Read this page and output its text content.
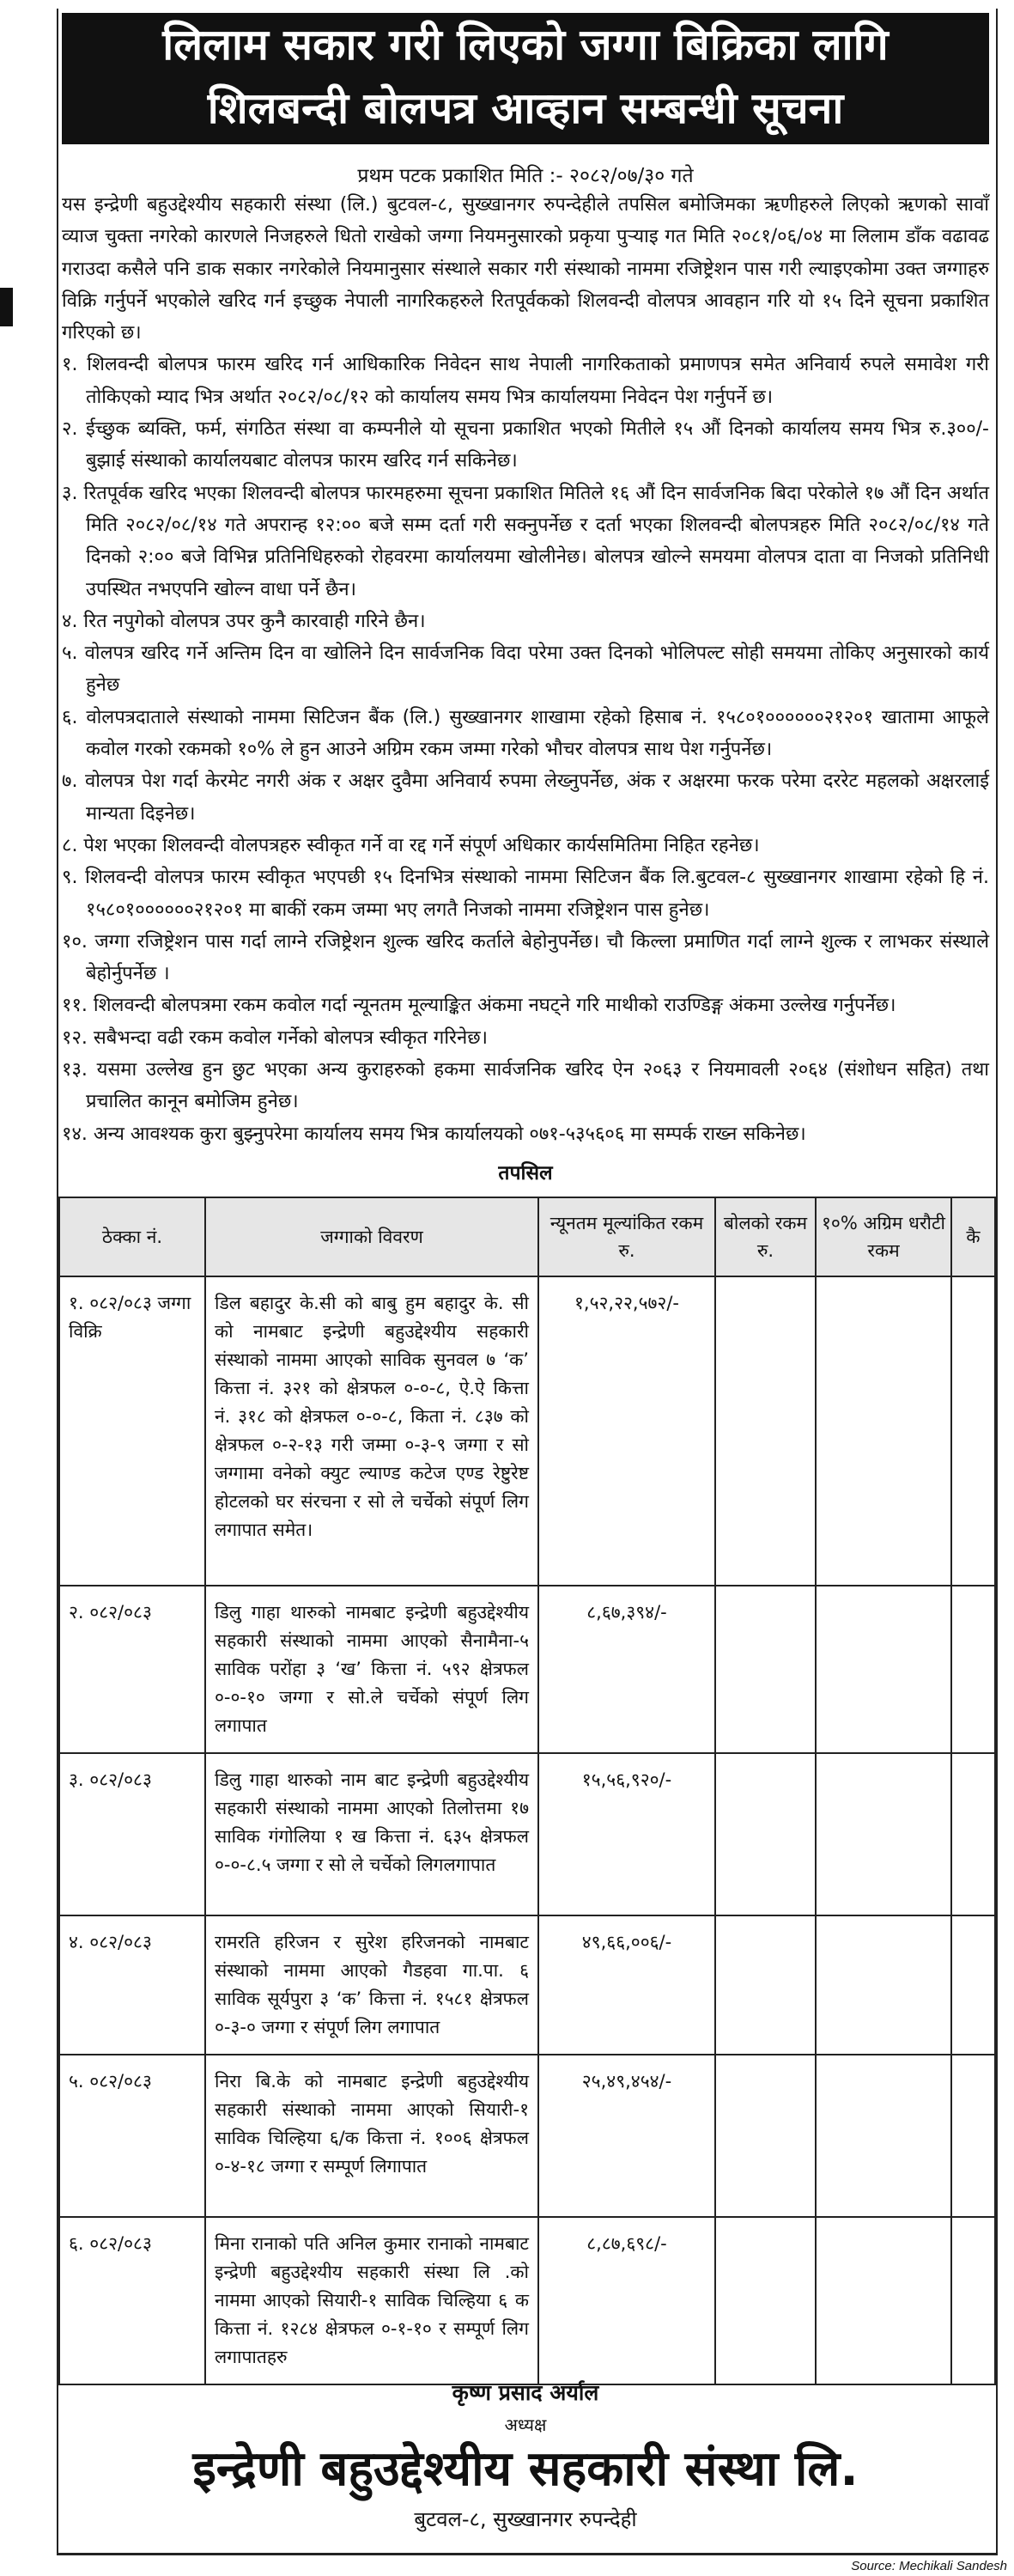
लिलाम सकार गरी लिएको जग्गा बिक्रिका लागि
शिलबन्दी बोलपत्र आव्हान सम्बन्धी सूचना
प्रथम पटक प्रकाशित मिति :- २०८२/०७/३० गते

यस इन्द्रेणी बहुउद्देश्यीय सहकारी संस्था (लि.) बुटवल-८, सुख्खानगर रुपन्देहीले तपसिल बमोजिमका ऋणीहरुले लिएको ऋणको सावाँ व्याज चुक्ता नगरेको कारणले निजहरुले धितो राखेको जग्गा नियमनुसारको प्रकृया पुऱ्याइ गत मिति २०८१/०६/०४ मा लिलाम डाँक वढावढ गराउदा कसैले पनि डाक सकार नगरेकोले नियमानुसार संस्थाले सकार गरी संस्थाको नाममा रजिष्ट्रेशन पास गरी ल्याइएकोमा उक्त जग्गाहरु विक्रि गर्नुपर्ने भएकोले खरिद गर्न इच्छुक नेपाली नागरिकहरुले रितपूर्वकको शिलवन्दी वोलपत्र आवहान गरि यो १५ दिने सूचना प्रकाशित गरिएको छ।

१. शिलवन्दी बोलपत्र फारम खरिद गर्न आधिकारिक निवेदन साथ नेपाली नागरिकताको प्रमाणपत्र समेत अनिवार्य रुपले समावेश गरी तोकिएको म्याद भित्र अर्थात २०८२/०८/१२ को कार्यालय समय भित्र कार्यालयमा निवेदन पेश गर्नुपर्ने छ।

२. ईच्छुक ब्यक्ति, फर्म, संगठित संस्था वा कम्पनीले यो सूचना प्रकाशित भएको मितीले १५ औं दिनको कार्यालय समय भित्र रु.३००/- बुझाई संस्थाको कार्यालयबाट वोलपत्र फारम खरिद गर्न सकिनेछ।

३. रितपूर्वक खरिद भएका शिलवन्दी बोलपत्र फारमहरुमा सूचना प्रकाशित मितिले १६ औं दिन सार्वजनिक बिदा परेकोले १७ औं दिन अर्थात मिति २०८२/०८/१४ गते अपरान्ह १२:०० बजे सम्म दर्ता गरी सक्नुपर्नेछ र दर्ता भएका शिलवन्दी बोलपत्रहरु मिति २०८२/०८/१४ गते दिनको २:०० बजे विभिन्न प्रतिनिधिहरुको रोहवरमा कार्यालयमा खोलीनेछ। बोलपत्र खोल्ने समयमा वोलपत्र दाता वा निजको प्रतिनिधी उपस्थित नभएपनि खोल्न वाधा पर्ने छैन।

४. रित नपुगेको वोलपत्र उपर कुनै कारवाही गरिने छैन।

५. वोलपत्र खरिद गर्ने अन्तिम दिन वा खोलिने दिन सार्वजनिक विदा परेमा उक्त दिनको भोलिपल्ट सोही समयमा तोकिए अनुसारको कार्य हुनेछ

६. वोलपत्रदाताले संस्थाको नाममा सिटिजन बैंक (लि.) सुख्खानगर शाखामा रहेको हिसाब नं. १५८०१००००००२१२०१ खातामा आफूले कवोल गरको रकमको १०% ले हुन आउने अग्रिम रकम जम्मा गरेको भौचर वोलपत्र साथ पेश गर्नुपर्नेछ।

७. वोलपत्र पेश गर्दा केरमेट नगरी अंक र अक्षर दुवैमा अनिवार्य रुपमा लेख्नुपर्नेछ, अंक र अक्षरमा फरक परेमा दररेट महलको अक्षरलाई मान्यता दिइनेछ।

८. पेश भएका शिलवन्दी वोलपत्रहरु स्वीकृत गर्ने वा रद्द गर्ने संपूर्ण अधिकार कार्यसमितिमा निहित रहनेछ।

९. शिलवन्दी वोलपत्र फारम स्वीकृत भएपछी १५ दिनभित्र संस्थाको नाममा सिटिजन बैंक लि.बुटवल-८ सुख्खानगर शाखामा रहेको हि नं. १५८०१००००००२१२०१ मा बाकीं रकम जम्मा भए लगतै निजको नाममा रजिष्ट्रेशन पास हुनेछ।

१०. जग्गा रजिष्ट्रेशन पास गर्दा लाग्ने रजिष्ट्रेशन शुल्क खरिद कर्ताले बेहोनुपर्नेछ। चौ किल्ला प्रमाणित गर्दा लाग्ने शुल्क र लाभकर संस्थाले बेहोर्नुपर्नेछ ।

११. शिलवन्दी बोलपत्रमा रकम कवोल गर्दा न्यूनतम मूल्याङ्कित अंकमा नघट्ने गरि माथीको राउण्डिङ्ग अंकमा उल्लेख गर्नुपर्नेछ।

१२. सबैभन्दा वढी रकम कवोल गर्नेको बोलपत्र स्वीकृत गरिनेछ।

१३. यसमा उल्लेख हुन छुट भएका अन्य कुराहरुको हकमा सार्वजनिक खरिद ऐन २०६३ र नियमावली २०६४ (संशोधन सहित) तथा प्रचालित कानून बमोजिम हुनेछ।

१४. अन्य आवश्यक कुरा बुझ्नुपरेमा कार्यालय समय भित्र कार्यालयको ०७१-५३५६०६ मा सम्पर्क राख्न सकिनेछ।

तपसिल
ठेक्का नं.	जग्गाको विवरण	न्यूनतम मूल्यांकित रकम रु.	बोलको रकम रु.	१०% अग्रिम धरौटी रकम	कै
१. ०८२/०८३ जग्गा विक्रि	डिल बहादुर के.सी को बाबु हुम बहादुर के. सी को नामबाट इन्द्रेणी बहुउद्देश्यीय सहकारी संस्थाको नाममा आएको साविक सुनवल ७ ‘क’ कित्ता नं. ३२१ को क्षेत्रफल ०-०-८, ऐ.ऐ कित्ता नं. ३१८ को क्षेत्रफल ०-०-८, किता नं. ८३७ को क्षेत्रफल ०-२-१३ गरी जम्मा ०-३-९ जग्गा र सो जग्गामा वनेको क्युट ल्याण्ड कटेज एण्ड रेष्टुरेष्ट होटलको घर संरचना र सो ले चर्चेको संपूर्ण लिग लगापात समेत।	१,५२,२२,५७२/-			
२. ०८२/०८३	डिलु गाहा थारुको नामबाट इन्द्रेणी बहुउद्देश्यीय सहकारी संस्थाको नाममा आएको सैनामैना-५ साविक परोंहा ३ ‘ख’ कित्ता नं. ५९२ क्षेत्रफल ०-०-१० जग्गा र सो.ले चर्चेको संपूर्ण लिग लगापात	८,६७,३९४/-			
३. ०८२/०८३	डिलु गाहा थारुको नाम बाट इन्द्रेणी बहुउद्देश्यीय सहकारी संस्थाको नाममा आएको तिलोत्तमा १७ साविक गंगोलिया १ ख कित्ता नं. ६३५ क्षेत्रफल ०-०-८.५ जग्गा र सो ले चर्चेको लिगलगापात	१५,५६,९२०/-			
४. ०८२/०८३	रामरति हरिजन र सुरेश हरिजनको नामबाट संस्थाको नाममा आएको गैडहवा गा.पा. ६ साविक सूर्यपुरा ३ ‘क’ कित्ता नं. १५८१ क्षेत्रफल ०-३-० जग्गा र संपूर्ण लिग लगापात	४९,६६,००६/-			
५. ०८२/०८३	निरा बि.के को नामबाट इन्द्रेणी बहुउद्देश्यीय सहकारी संस्थाको नाममा आएको सियारी-१ साविक चिल्हिया ६/क कित्ता नं. १००६ क्षेत्रफल ०-४-१८ जग्गा र सम्पूर्ण लिगापात	२५,४९,४५४/-			
६. ०८२/०८३	मिना रानाको पति अनिल कुमार रानाको नामबाट इन्द्रेणी बहुउद्देश्यीय सहकारी संस्था लि .को नाममा आएको सियारी-१ साविक चिल्हिया ६ क कित्ता नं. १२८४ क्षेत्रफल ०-१-१० र सम्पूर्ण लिग लगापातहरु	८,८७,६९८/-			
कृष्ण प्रसाद अर्याल
अध्यक्ष
इन्द्रेणी बहुउद्देश्यीय सहकारी संस्था लि.
बुटवल-८, सुख्खानगर रुपन्देही
Source: Mechikali Sandesh
